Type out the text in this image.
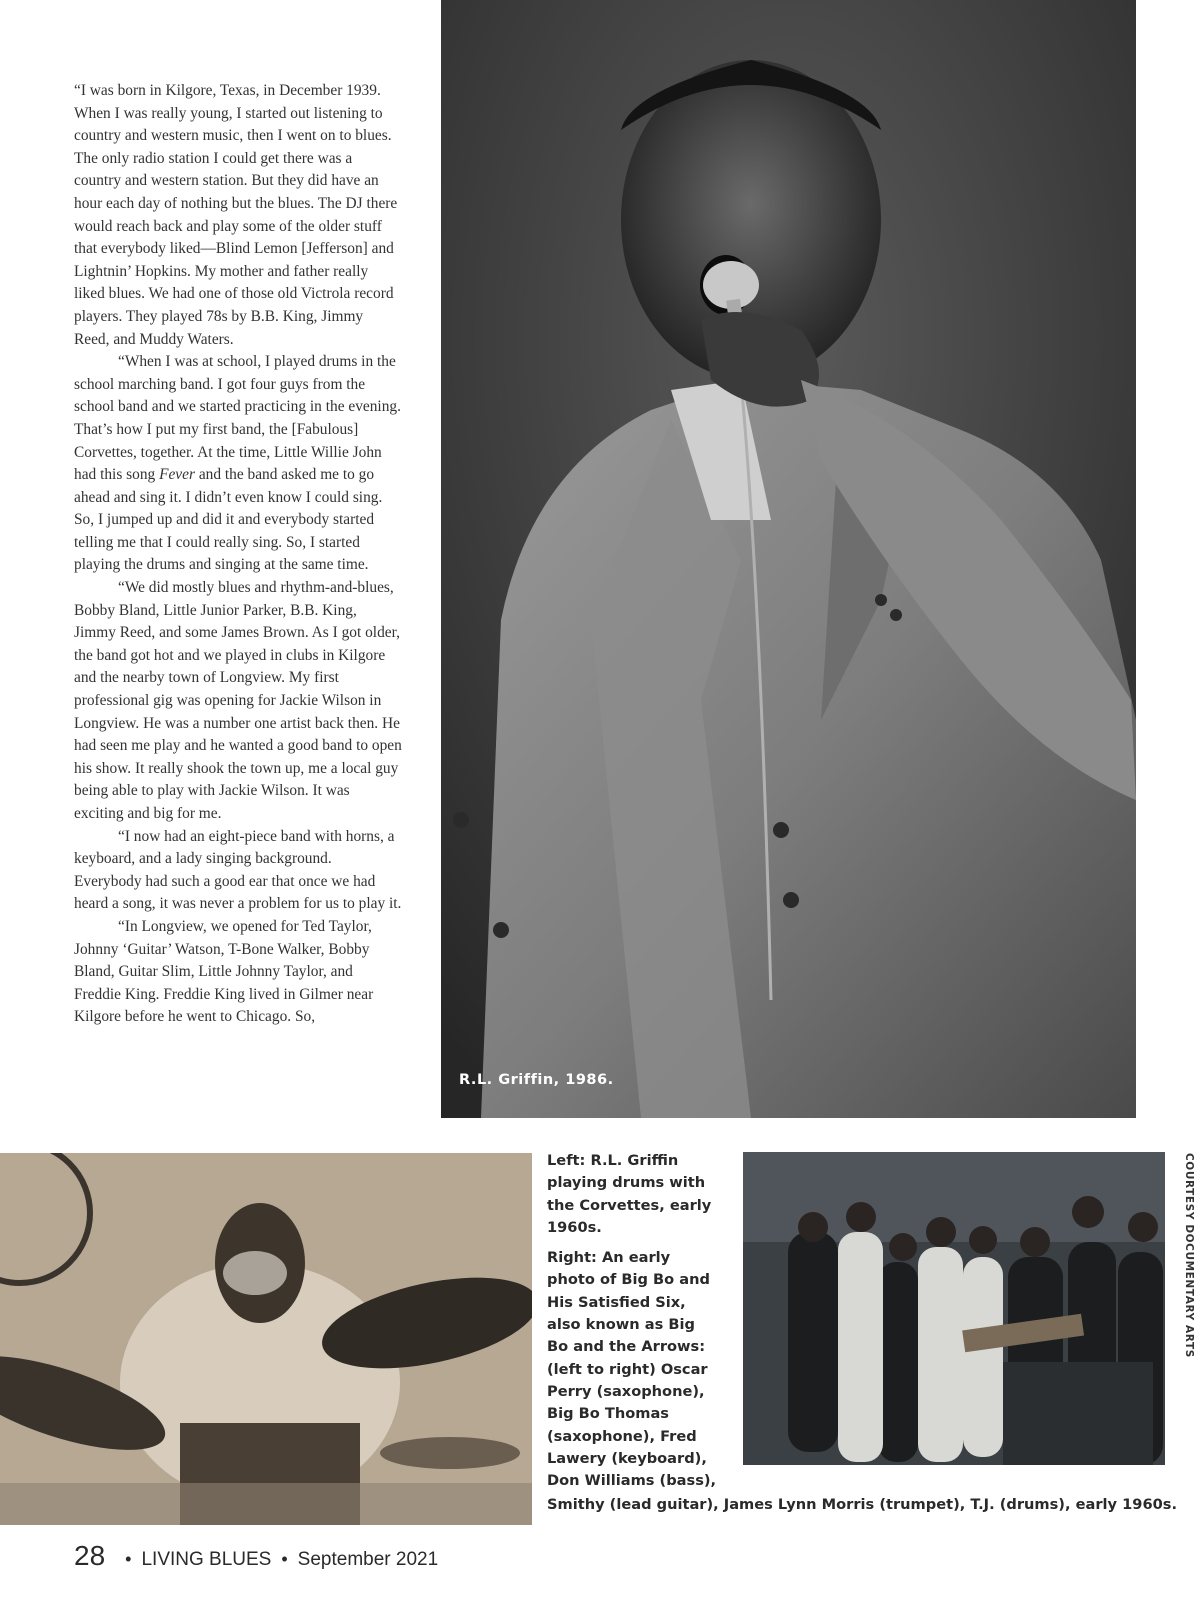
“I was born in Kilgore, Texas, in December 1939. When I was really young, I started out listening to country and western music, then I went on to blues. The only radio station I could get there was a country and western station. But they did have an hour each day of nothing but the blues. The DJ there would reach back and play some of the older stuff that everybody liked—Blind Lemon [Jefferson] and Lightnin’ Hopkins. My mother and father really liked blues. We had one of those old Victrola record players. They played 78s by B.B. King, Jimmy Reed, and Muddy Waters.

“When I was at school, I played drums in the school marching band. I got four guys from the school band and we started practicing in the evening. That’s how I put my first band, the [Fabulous] Corvettes, together. At the time, Little Willie John had this song Fever and the band asked me to go ahead and sing it. I didn’t even know I could sing. So, I jumped up and did it and everybody started telling me that I could really sing. So, I started playing the drums and singing at the same time.

“We did mostly blues and rhythm-and-blues, Bobby Bland, Little Junior Parker, B.B. King, Jimmy Reed, and some James Brown. As I got older, the band got hot and we played in clubs in Kilgore and the nearby town of Longview. My first professional gig was opening for Jackie Wilson in Longview. He was a number one artist back then. He had seen me play and he wanted a good band to open his show. It really shook the town up, me a local guy being able to play with Jackie Wilson. It was exciting and big for me.

“I now had an eight-piece band with horns, a keyboard, and a lady singing background. Everybody had such a good ear that once we had heard a song, it was never a problem for us to play it.

“In Longview, we opened for Ted Taylor, Johnny ‘Guitar’ Watson, T-Bone Walker, Bobby Bland, Guitar Slim, Little Johnny Taylor, and Freddie King. Freddie King lived in Gilmer near Kilgore before he went to Chicago. So,

R.L. Griffin, 1986.

Left: R.L. Griffin playing drums with the Corvettes, early 1960s.

Right: An early photo of Big Bo and His Satisfied Six, also known as Big Bo and the Arrows: (left to right) Oscar Perry (saxophone), Big Bo Thomas (saxophone), Fred Lawery (keyboard), Don Williams (bass),

Smithy (lead guitar), James Lynn Morris (trumpet), T.J. (drums), early 1960s.
COURTESY DOCUMENTARY ARTS
28 • LIVING BLUES • September 2021
